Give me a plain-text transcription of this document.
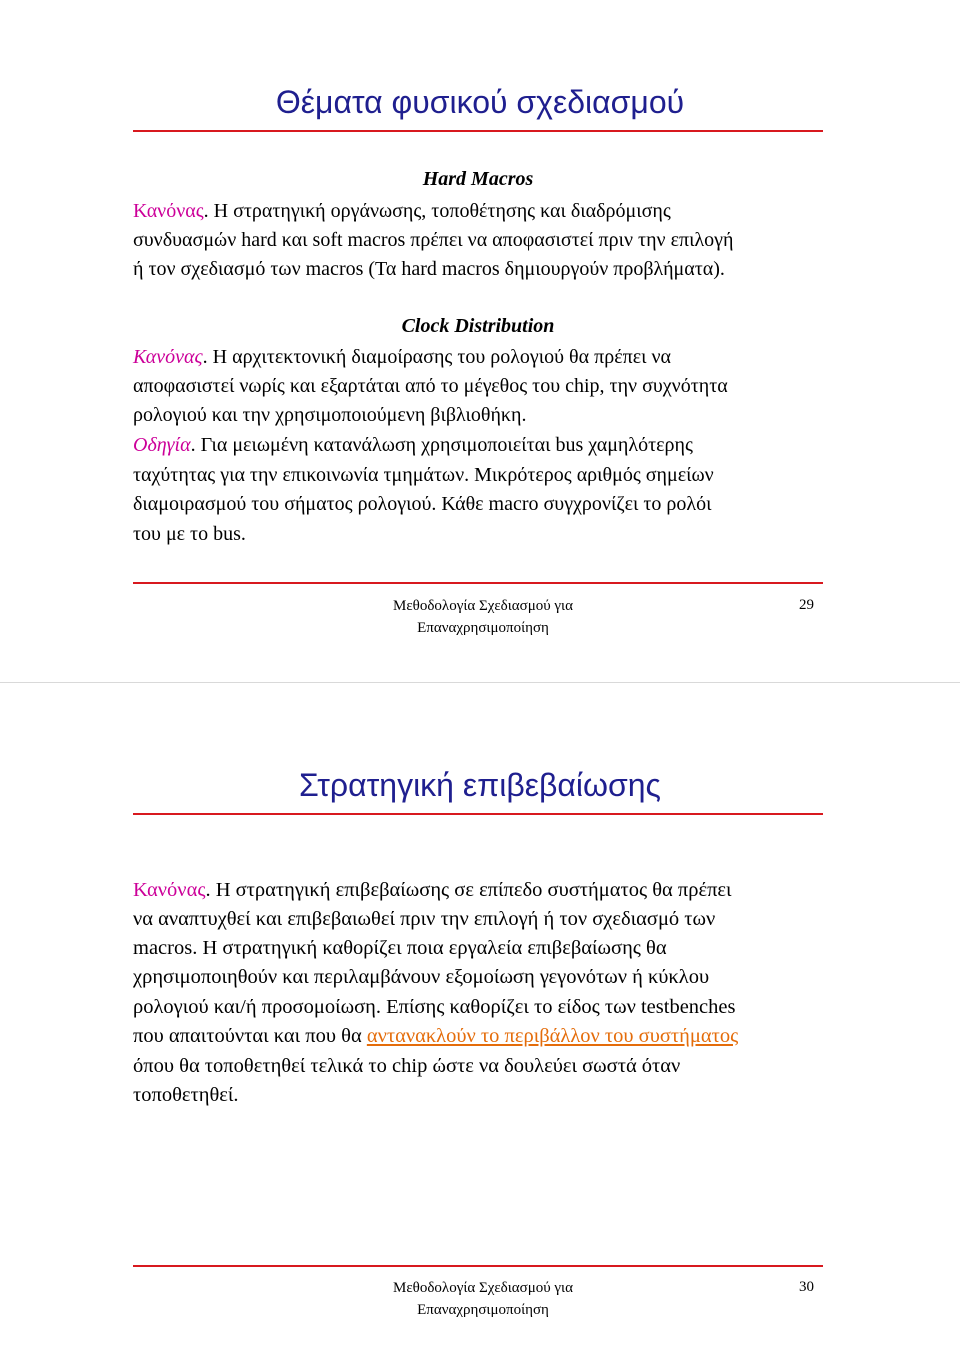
Θέματα φυσικού σχεδιασμού
Hard Macros
Κανόνας. Η στρατηγική οργάνωσης, τοποθέτησης και διαδρόμισης
συνδυασμών hard και soft macros πρέπει να αποφασιστεί πριν την επιλογή
ή τον σχεδιασμό των macros (Τα hard macros δημιουργούν προβλήματα).
Clock Distribution
Κανόνας. Η αρχιτεκτονική διαμοίρασης του ρολογιού θα πρέπει να
αποφασιστεί νωρίς και εξαρτάται από το μέγεθος του chip, την συχνότητα
ρολογιού και την χρησιμοποιούμενη βιβλιοθήκη.
Οδηγία. Για μειωμένη κατανάλωση χρησιμοποιείται bus χαμηλότερης
ταχύτητας για την επικοινωνία τμημάτων. Μικρότερος αριθμός σημείων
διαμοιρασμού του σήματος ρολογιού. Κάθε macro συγχρονίζει το ρολόι
του με το bus.
Μεθοδολογία Σχεδιασμού για
Επαναχρησιμοποίηση
29
Στρατηγική επιβεβαίωσης
Κανόνας. Η στρατηγική επιβεβαίωσης σε επίπεδο συστήματος θα πρέπει
να αναπτυχθεί και επιβεβαιωθεί πριν την επιλογή ή τον σχεδιασμό των
macros. Η στρατηγική καθορίζει ποια εργαλεία επιβεβαίωσης θα
χρησιμοποιηθούν και περιλαμβάνουν εξομοίωση γεγονότων ή κύκλου
ρολογιού και/ή προσομοίωση. Επίσης καθορίζει το είδος των testbenches
που απαιτούνται και που θα αντανακλούν το περιβάλλον του συστήματος
όπου θα τοποθετηθεί τελικά το chip ώστε να δουλεύει σωστά όταν
τοποθετηθεί.
Μεθοδολογία Σχεδιασμού για
Επαναχρησιμοποίηση
30
